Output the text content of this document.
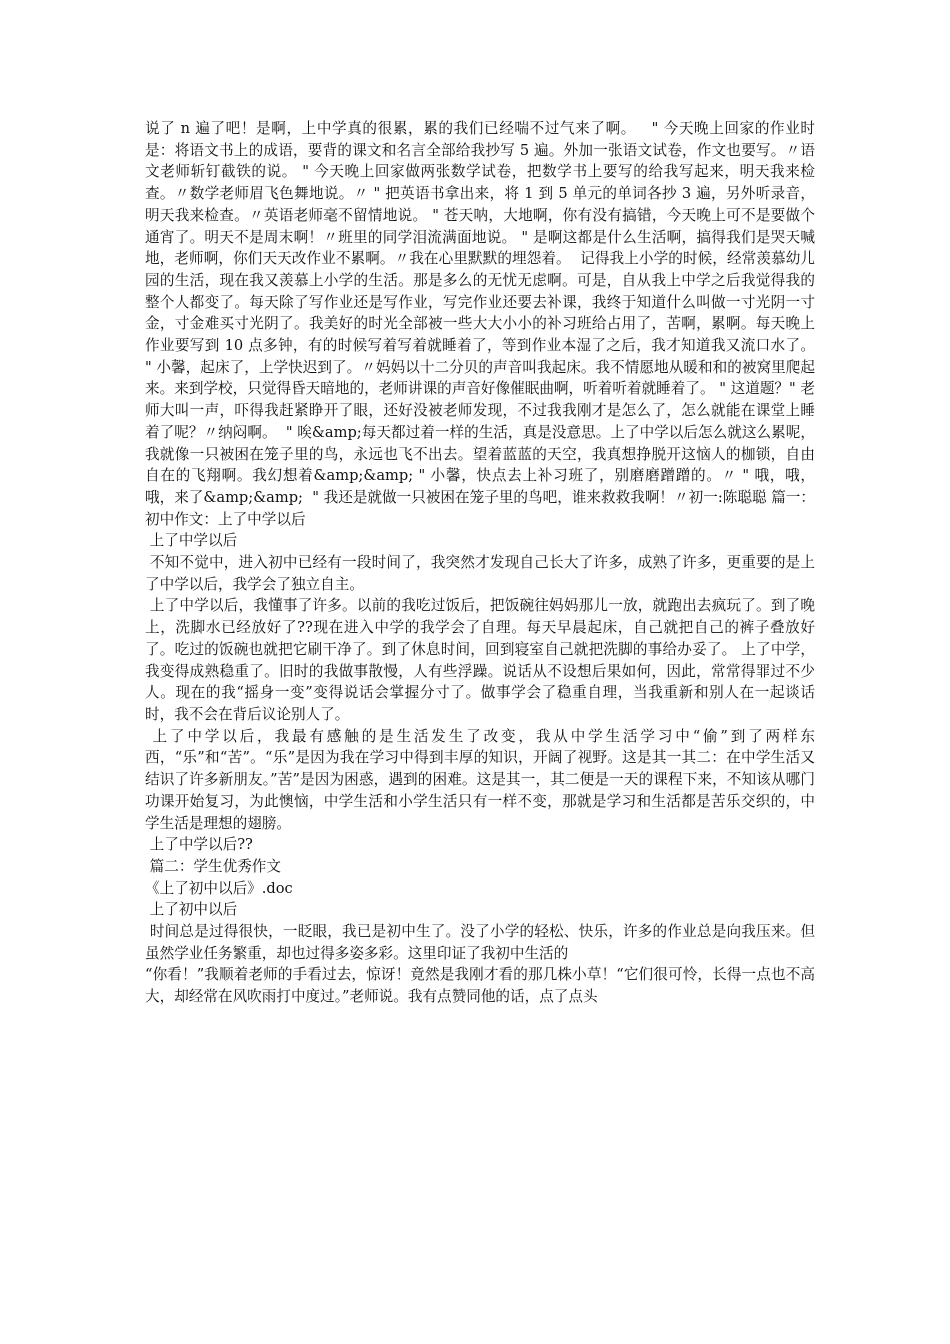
说了 n 遍了吧！是啊，上中学真的很累，累的我们已经喘不过气来了啊。   " 今天晚上回家的作业时是：将语文书上的成语，要背的课文和名言全部给我抄写 5 遍。外加一张语文试卷，作文也要写。〃语文老师斩钉截铁的说。 " 今天晚上回家做两张数学试卷，把数学书上要写的给我写起来，明天我来检查。〃数学老师眉飞色舞地说。〃 " 把英语书拿出来，将 1 到 5 单元的单词各抄 3 遍，另外听录音，明天我来检查。〃英语老师毫不留情地说。 " 苍天呐，大地啊，你有没有搞错，今天晚上可不是要做个通宵了。明天不是周末啊！〃班里的同学泪流满面地说。 " 是啊这都是什么生活啊，搞得我们是哭天喊地，老师啊，你们天天改作业不累啊。〃我在心里默默的埋怨着。  记得我上小学的时候，经常羡慕幼儿园的生活，现在我又羡慕上小学的生活。那是多么的无忧无虑啊。可是，自从我上中学之后我觉得我的整个人都变了。每天除了写作业还是写作业，写完作业还要去补课，我终于知道什么叫做一寸光阴一寸金，寸金难买寸光阴了。我美好的时光全部被一些大大小小的补习班给占用了，苦啊，累啊。每天晚上作业要写到 10 点多钟，有的时候写着写着就睡着了，等到作业本湿了之后，我才知道我又流口水了。  " 小馨，起床了，上学快迟到了。〃妈妈以十二分贝的声音叫我起床。我不情愿地从暖和和的被窝里爬起来。来到学校，只觉得昏天暗地的，老师讲课的声音好像催眠曲啊，听着听着就睡着了。 " 这道题？" 老师大叫一声，吓得我赶紧睁开了眼，还好没被老师发现，不过我我刚才是怎么了，怎么就能在课堂上睡着了呢？〃纳闷啊。  " 唉&amp;每天都过着一样的生活，真是没意思。上了中学以后怎么就这么累呢，我就像一只被困在笼子里的鸟，永远也飞不出去。望着蓝蓝的天空，我真想挣脱开这恼人的枷锁，自由自在的飞翔啊。我幻想着&amp;&amp; " 小馨，快点去上补习班了，别磨磨蹭蹭的。〃 " 哦，哦，哦，来了&amp;&amp;  " 我还是就做一只被困在笼子里的鸟吧，谁来救救我啊！〃初一:陈聪聪 篇一：初中作文：上了中学以后

上了中学以后

不知不觉中，进入初中已经有一段时间了，我突然才发现自己长大了许多，成熟了许多，更重要的是上了中学以后，我学会了独立自主。

上了中学以后，我懂事了许多。以前的我吃过饭后，把饭碗往妈妈那儿一放，就跑出去疯玩了。到了晚上，洗脚水已经放好了??现在进入中学的我学会了自理。每天早晨起床，自己就把自己的裤子叠放好了。吃过的饭碗也就把它刷干净了。到了休息时间，回到寝室自己就把洗脚的事给办妥了。 上了中学，我变得成熟稳重了。旧时的我做事散慢，人有些浮躁。说话从不设想后果如何，因此，常常得罪过不少人。现在的我“摇身一变”变得说话会掌握分寸了。做事学会了稳重自理，当我重新和别人在一起谈话时，我不会在背后议论别人了。

上了中学以后，我最有感触的是生活发生了改变，我从中学生活学习中“偷”到了两样东西，“乐”和“苦”。“乐”是因为我在学习中得到丰厚的知识，开阔了视野。这是其一其二：在中学生活又结识了许多新朋友。”苦”是因为困惑，遇到的困难。这是其一，其二便是一天的课程下来，不知该从哪门功课开始复习，为此懊恼，中学生活和小学生活只有一样不变，那就是学习和生活都是苦乐交织的，中学生活是理想的翅膀。

上了中学以后??

篇二：学生优秀作文

《上了初中以后》.doc

上了初中以后

时间总是过得很快，一眨眼，我已是初中生了。没了小学的轻松、快乐，许多的作业总是向我压来。但虽然学业任务繁重，却也过得多姿多彩。这里印证了我初中生活的

“你看！”我顺着老师的手看过去，惊讶！竟然是我刚才看的那几株小草！“它们很可怜，长得一点也不高大，却经常在风吹雨打中度过。”老师说。我有点赞同他的话，点了点头
